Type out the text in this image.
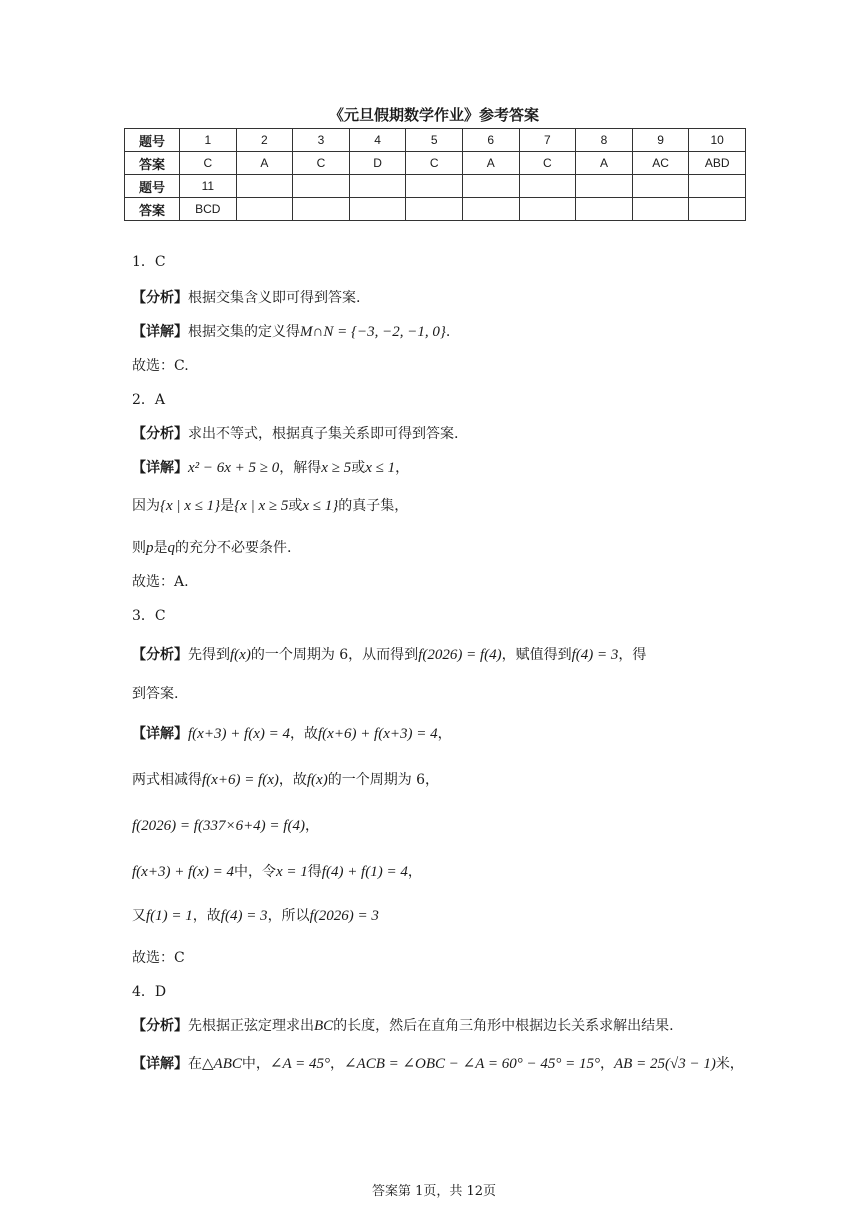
《元旦假期数学作业》参考答案
题号	1	2	3	4	5	6	7	8	9	10
答案	C	A	C	D	C	A	C	A	AC	ABD
题号	11									
答案	BCD									
1．C
【分析】根据交集含义即可得到答案.
【详解】根据交集的定义得M∩N = {−3, −2, −1, 0}.
故选：C.
2．A
【分析】求出不等式，根据真子集关系即可得到答案.
【详解】x² − 6x + 5 ≥ 0，解得x ≥ 5或x ≤ 1，
因为{x | x ≤ 1}是{x | x ≥ 5或x ≤ 1}的真子集，
则p是q的充分不必要条件.
故选：A.
3．C
【分析】先得到f(x)的一个周期为 6，从而得到f(2026) = f(4)，赋值得到f(4) = 3，得
到答案.
【详解】f(x+3) + f(x) = 4，故f(x+6) + f(x+3) = 4，
两式相减得f(x+6) = f(x)，故f(x)的一个周期为 6，
f(2026) = f(337×6+4) = f(4)，
f(x+3) + f(x) = 4中，令x = 1得f(4) + f(1) = 4，
又f(1) = 1，故f(4) = 3，所以f(2026) = 3
故选：C
4．D
【分析】先根据正弦定理求出BC的长度，然后在直角三角形中根据边长关系求解出结果.
【详解】在△ABC中，∠A = 45°，∠ACB = ∠OBC − ∠A = 60° − 45° = 15°，AB = 25(√3 − 1)米，
答案第 1页，共 12页
